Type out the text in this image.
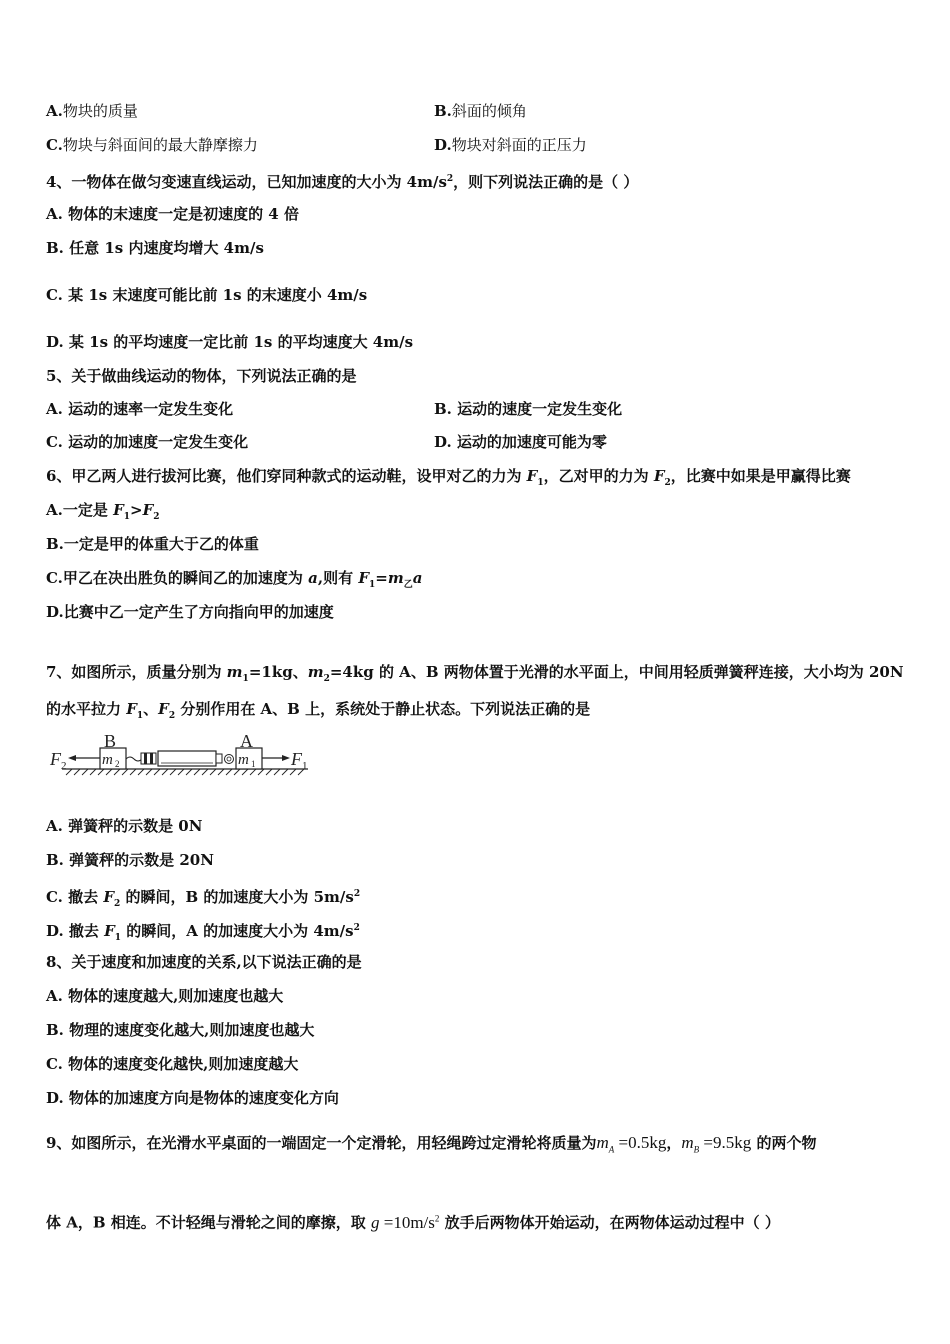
A.物块的质量	B.斜面的倾角
C.物块与斜面间的最大静摩擦力	D.物块对斜面的正压力
4、一物体在做匀变速直线运动，已知加速度的大小为 $4m/s^2$，则下列说法正确的是（ ）
A. 物体的末速度一定是初速度的 4 倍
B. 任意 1s 内速度均增大 4m/s
C. 某 1s 末速度可能比前 1s 的末速度小 4m/s
D. 某 1s 的平均速度一定比前 1s 的平均速度大 4m/s
5、关于做曲线运动的物体，下列说法正确的是
A. 运动的速率一定发生变化	B. 运动的速度一定发生变化
C. 运动的加速度一定发生变化	D. 运动的加速度可能为零
6、甲乙两人进行拔河比赛，他们穿同种款式的运动鞋，设甲对乙的力为 $F_1$，乙对甲的力为 $F_2$，比赛中如果是甲赢得比赛
A.一定是 $F_1>F_2$
B.一定是甲的体重大于乙的体重
C.甲乙在决出胜负的瞬间乙的加速度为 a,则有 $F_1=m_乙a$
D.比赛中乙一定产生了方向指向甲的加速度
7、如图所示，质量分别为 $m_1=1kg$、$m_2=4kg$ 的 A、B 两物体置于光滑的水平面上，中间用轻质弹簧秤连接，大小均为 20N
的水平拉力 $F_1$、$F_2$ 分别作用在 A、B 上，系统处于静止状态。下列说法正确的是
F 2
B
m 2
A
m 1 F 1
A. 弹簧秤的示数是 0N
B. 弹簧秤的示数是 20N
C. 撤去 $F_2$ 的瞬间，B 的加速度大小为 $5m/s^2$
D. 撤去 $F_1$ 的瞬间，A 的加速度大小为 $4m/s^2$
8、关于速度和加速度的关系,以下说法正确的是
A. 物体的速度越大,则加速度也越大
B. 物理的速度变化越大,则加速度也越大
C. 物体的速度变化越快,则加速度越大
D. 物体的加速度方向是物体的速度变化方向
9、如图所示，在光滑水平桌面的一端固定一个定滑轮，用轻绳跨过定滑轮将质量为$m_A =0.5kg$，$m_B =9.5kg$ 的两个物
体 A，B 相连。不计轻绳与滑轮之间的摩擦，取 $g =10m/s^2$ 放手后两物体开始运动，在两物体运动过程中（ ）
